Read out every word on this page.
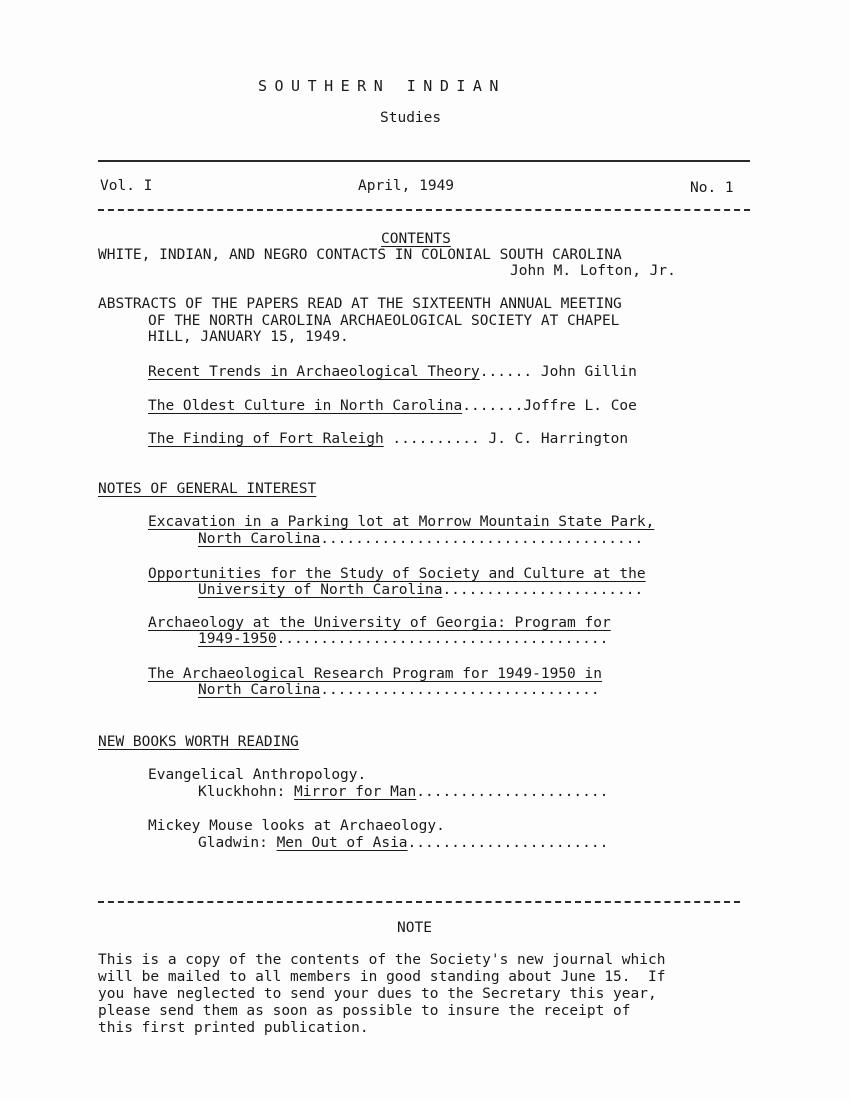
SOUTHERN INDIAN
Studies
Vol. I	April, 1949	No. 1
CONTENTS
WHITE, INDIAN, AND NEGRO CONTACTS IN COLONIAL SOUTH CAROLINA
John M. Lofton, Jr.
ABSTRACTS OF THE PAPERS READ AT THE SIXTEENTH ANNUAL MEETING
OF THE NORTH CAROLINA ARCHAEOLOGICAL SOCIETY AT CHAPEL
HILL, JANUARY 15, 1949.
Recent Trends in Archaeological Theory...... John Gillin
The Oldest Culture in North Carolina.......Joffre L. Coe
The Finding of Fort Raleigh .......... J. C. Harrington
NOTES OF GENERAL INTEREST
Excavation in a Parking lot at Morrow Mountain State Park,
North Carolina.....................................
Opportunities for the Study of Society and Culture at the
University of North Carolina.......................
Archaeology at the University of Georgia: Program for
1949-1950......................................
The Archaeological Research Program for 1949-1950 in
North Carolina................................
NEW BOOKS WORTH READING
Evangelical Anthropology.
Kluckhohn: Mirror for Man......................
Mickey Mouse looks at Archaeology.
Gladwin: Men Out of Asia.......................
NOTE
This is a copy of the contents of the Society's new journal which
will be mailed to all members in good standing about June 15.  If
you have neglected to send your dues to the Secretary this year,
please send them as soon as possible to insure the receipt of
this first printed publication.
